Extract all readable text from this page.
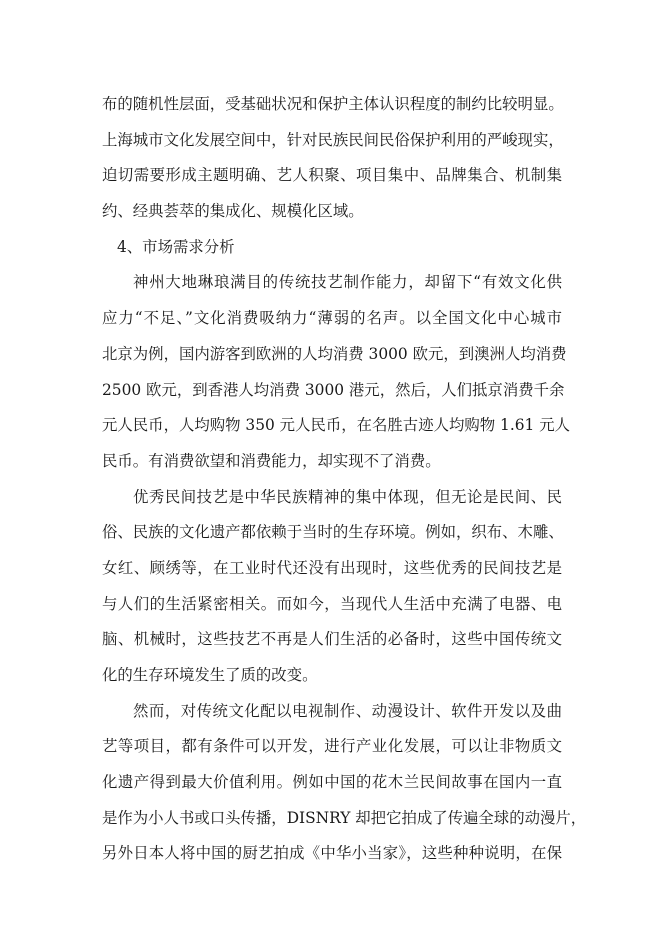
布的随机性层面，受基础状况和保护主体认识程度的制约比较明显。
上海城市文化发展空间中，针对民族民间民俗保护利用的严峻现实，
迫切需要形成主题明确、艺人积聚、项目集中、品牌集合、机制集
约、经典荟萃的集成化、规模化区域。
4、市场需求分析
神州大地琳琅满目的传统技艺制作能力，却留下“有效文化供
应力“不足、”文化消费吸纳力“薄弱的名声。以全国文化中心城市
北京为例，国内游客到欧洲的人均消费 3000 欧元，到澳洲人均消费
2500 欧元，到香港人均消费 3000 港元，然后，人们抵京消费千余
元人民币，人均购物 350 元人民币，在名胜古迹人均购物 1.61 元人
民币。有消费欲望和消费能力，却实现不了消费。
优秀民间技艺是中华民族精神的集中体现，但无论是民间、民
俗、民族的文化遗产都依赖于当时的生存环境。例如，织布、木雕、
女红、顾绣等，在工业时代还没有出现时，这些优秀的民间技艺是
与人们的生活紧密相关。而如今，当现代人生活中充满了电器、电
脑、机械时，这些技艺不再是人们生活的必备时，这些中国传统文
化的生存环境发生了质的改变。
然而，对传统文化配以电视制作、动漫设计、软件开发以及曲
艺等项目，都有条件可以开发，进行产业化发展，可以让非物质文
化遗产得到最大价值利用。例如中国的花木兰民间故事在国内一直
是作为小人书或口头传播，DISNRY 却把它拍成了传遍全球的动漫片，
另外日本人将中国的厨艺拍成《中华小当家》，这些种种说明，在保
